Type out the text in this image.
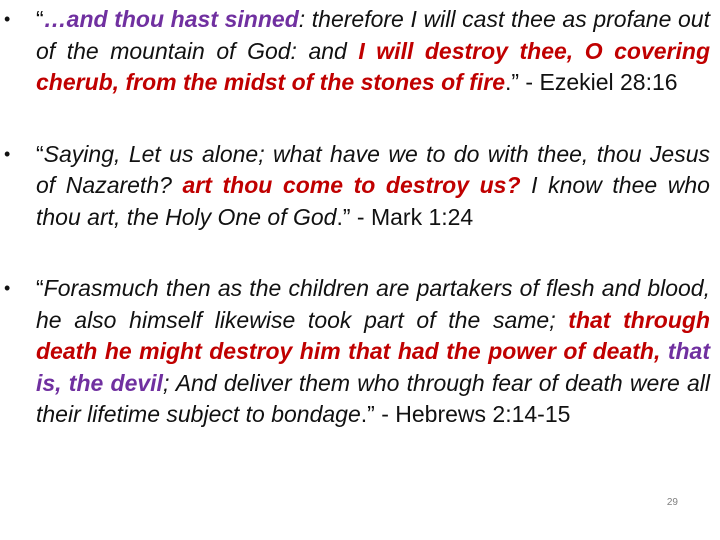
• “…and thou hast sinned: therefore I will cast thee as profane out of the mountain of God: and I will destroy thee, O covering cherub, from the midst of the stones of fire.” - Ezekiel 28:16
• “Saying, Let us alone; what have we to do with thee, thou Jesus of Nazareth? art thou come to destroy us? I know thee who thou art, the Holy One of God.” - Mark 1:24
• “Forasmuch then as the children are partakers of flesh and blood, he also himself likewise took part of the same; that through death he might destroy him that had the power of death, that is, the devil; And deliver them who through fear of death were all their lifetime subject to bondage.” - Hebrews 2:14-15
29
